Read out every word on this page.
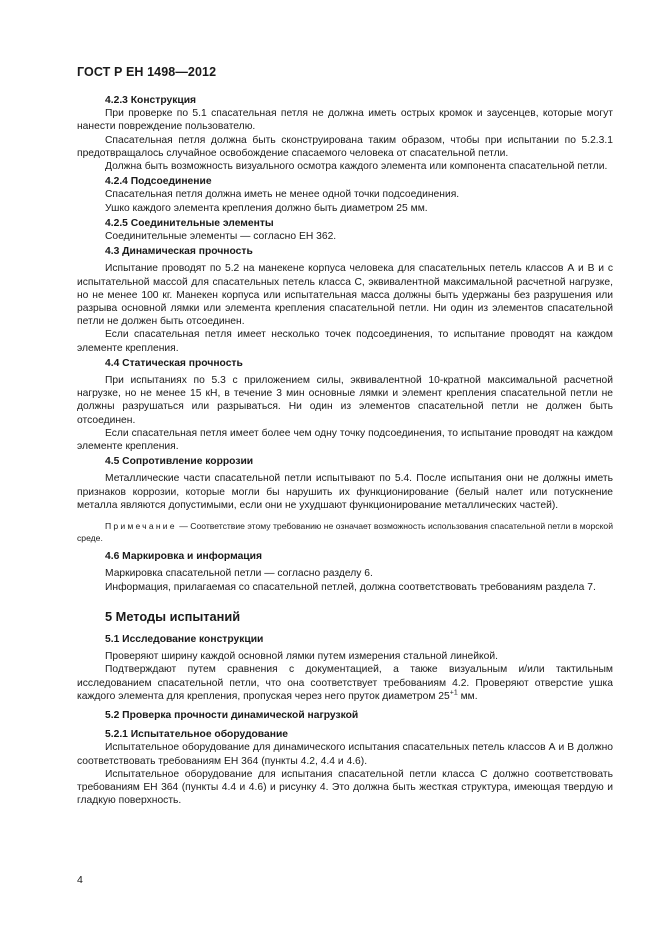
ГОСТ Р ЕН 1498—2012
4.2.3 Конструкция

При проверке по 5.1 спасательная петля не должна иметь острых кромок и заусенцев, которые могут нанести повреждение пользователю.

Спасательная петля должна быть сконструирована таким образом, чтобы при испытании по 5.2.3.1 предотвращалось случайное освобождение спасаемого человека от спасательной петли.

Должна быть возможность визуального осмотра каждого элемента или компонента спасательной петли.

4.2.4 Подсоединение

Спасательная петля должна иметь не менее одной точки подсоединения.

Ушко каждого элемента крепления должно быть диаметром 25 мм.

4.2.5 Соединительные элементы

Соединительные элементы — согласно ЕН 362.

4.3 Динамическая прочность

Испытание проводят по 5.2 на манекене корпуса человека для спасательных петель классов А и В и с испытательной массой для спасательных петель класса С, эквивалентной максимальной расчетной нагрузке, но не менее 100 кг. Манекен корпуса или испытательная масса должны быть удержаны без разрушения или разрыва основной лямки или элемента крепления спасательной петли. Ни один из элементов спасательной петли не должен быть отсоединен.

Если спасательная петля имеет несколько точек подсоединения, то испытание проводят на каждом элементе крепления.

4.4 Статическая прочность

При испытаниях по 5.3 с приложением силы, эквивалентной 10-кратной максимальной расчетной нагрузке, но не менее 15 кН, в течение 3 мин основные лямки и элемент крепления спасательной петли не должны разрушаться или разрываться. Ни один из элементов спасательной петли не должен быть отсоединен.

Если спасательная петля имеет более чем одну точку подсоединения, то испытание проводят на каждом элементе крепления.

4.5 Сопротивление коррозии

Металлические части спасательной петли испытывают по 5.4. После испытания они не должны иметь признаков коррозии, которые могли бы нарушить их функционирование (белый налет или потускнение металла являются допустимыми, если они не ухудшают функционирование металлических частей).

Примечание — Соответствие этому требованию не означает возможность использования спасательной петли в морской среде.

4.6 Маркировка и информация

Маркировка спасательной петли — согласно разделу 6.

Информация, прилагаемая со спасательной петлей, должна соответствовать требованиям раздела 7.

5 Методы испытаний
5.1 Исследование конструкции

Проверяют ширину каждой основной лямки путем измерения стальной линейкой.

Подтверждают путем сравнения с документацией, а также визуальным и/или тактильным исследованием спасательной петли, что она соответствует требованиям 4.2. Проверяют отверстие ушка каждого элемента для крепления, пропуская через него пруток диаметром $25^{+1}$ мм.

5.2 Проверка прочности динамической нагрузкой
5.2.1 Испытательное оборудование

Испытательное оборудование для динамического испытания спасательных петель классов А и В должно соответствовать требованиям ЕН 364 (пункты 4.2, 4.4 и 4.6).

Испытательное оборудование для испытания спасательной петли класса С должно соответствовать требованиям ЕН 364 (пункты 4.4 и 4.6) и рисунку 4. Это должна быть жесткая структура, имеющая твердую и гладкую поверхность.

4
